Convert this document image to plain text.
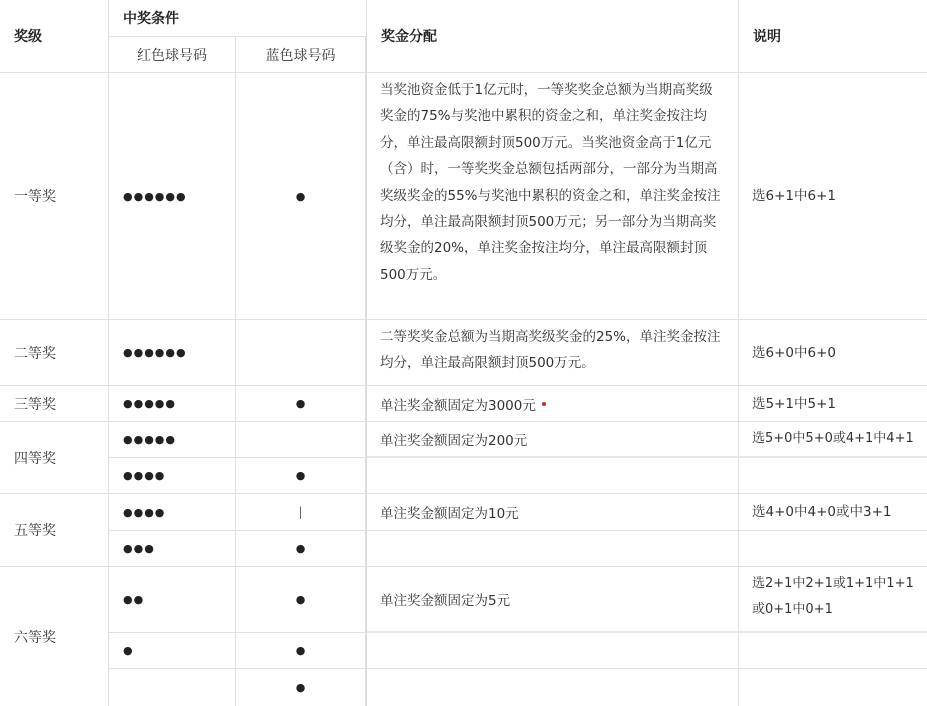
奖级
中奖条件
红色球号码	蓝色球号码
奖金分配	说明
一等奖
二等奖
三等奖
四等奖
五等奖
六等奖
●●●●●●
●●●●●●
●●●●●
●●●●●
●●●●
●●●●
●●●
●●
●
●
●
●
|
●
●
●
●
当奖池资金低于1亿元时，一等奖奖金总额为当期高奖级奖金的75%与奖池中累积的资金之和，单注奖金按注均分，单注最高限额封顶500万元。当奖池资金高于1亿元（含）时，一等奖奖金总额包括两部分，一部分为当期高奖级奖金的55%与奖池中累积的资金之和，单注奖金按注均分，单注最高限额封顶500万元；另一部分为当期高奖级奖金的20%，单注奖金按注均分，单注最高限额封顶500万元。
二等奖奖金总额为当期高奖级奖金的25%，单注奖金按注均分，单注最高限额封顶500万元。
单注奖金额固定为3000元
单注奖金额固定为200元
单注奖金额固定为10元
单注奖金额固定为5元
选6+1中6+1
选6+0中6+0
选5+1中5+1
选5+0中5+0或4+1中4+1
选4+0中4+0或中3+1
选2+1中2+1或1+1中1+1
或0+1中0+1
